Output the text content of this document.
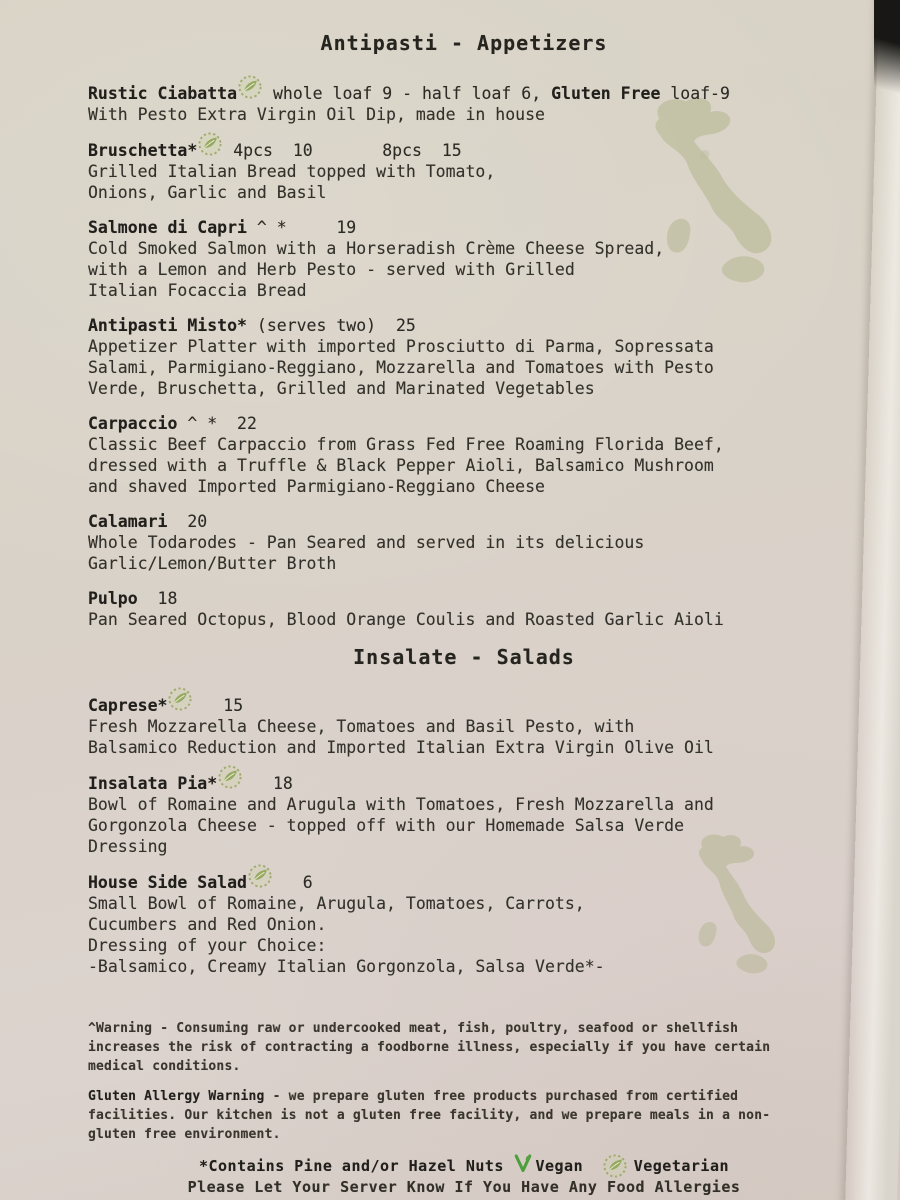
Antipasti - Appetizers
Rustic Ciabatta
whole loaf 9 - half loaf 6, Gluten Free loaf-9
With Pesto Extra Virgin Oil Dip, made in house
Bruschetta*
4pcs  10       8pcs  15
Grilled Italian Bread topped with Tomato,
Onions, Garlic and Basil
Salmone di Capri ^ *     19
Cold Smoked Salmon with a Horseradish Crème Cheese Spread,
with a Lemon and Herb Pesto - served with Grilled
Italian Focaccia Bread
Antipasti Misto* (serves two)  25
Appetizer Platter with imported Prosciutto di Parma, Sopressata
Salami, Parmigiano-Reggiano, Mozzarella and Tomatoes with Pesto
Verde, Bruschetta, Grilled and Marinated Vegetables
Carpaccio ^ *  22
Classic Beef Carpaccio from Grass Fed Free Roaming Florida Beef,
dressed with a Truffle & Black Pepper Aioli, Balsamico Mushroom
and shaved Imported Parmigiano-Reggiano Cheese
Calamari  20
Whole Todarodes - Pan Seared and served in its delicious
Garlic/Lemon/Butter Broth
Pulpo  18
Pan Seared Octopus, Blood Orange Coulis and Roasted Garlic Aioli
Insalate - Salads
Caprese*
15
Fresh Mozzarella Cheese, Tomatoes and Basil Pesto, with
Balsamico Reduction and Imported Italian Extra Virgin Olive Oil
Insalata Pia*
18
Bowl of Romaine and Arugula with Tomatoes, Fresh Mozzarella and
Gorgonzola Cheese - topped off with our Homemade Salsa Verde
Dressing
House Side Salad
6
Small Bowl of Romaine, Arugula, Tomatoes, Carrots,
Cucumbers and Red Onion.
Dressing of your Choice:
-Balsamico, Creamy Italian Gorgonzola, Salsa Verde*-
^Warning - Consuming raw or undercooked meat, fish, poultry, seafood or shellfish
increases the risk of contracting a foodborne illness, especially if you have certain
medical conditions.
Gluten Allergy Warning - we prepare gluten free products purchased from certified
facilities. Our kitchen is not a gluten free facility, and we prepare meals in a non-
gluten free environment.
*Contains Pine and/or Hazel Nuts
Vegan
Vegetarian
Please Let Your Server Know If You Have Any Food Allergies
